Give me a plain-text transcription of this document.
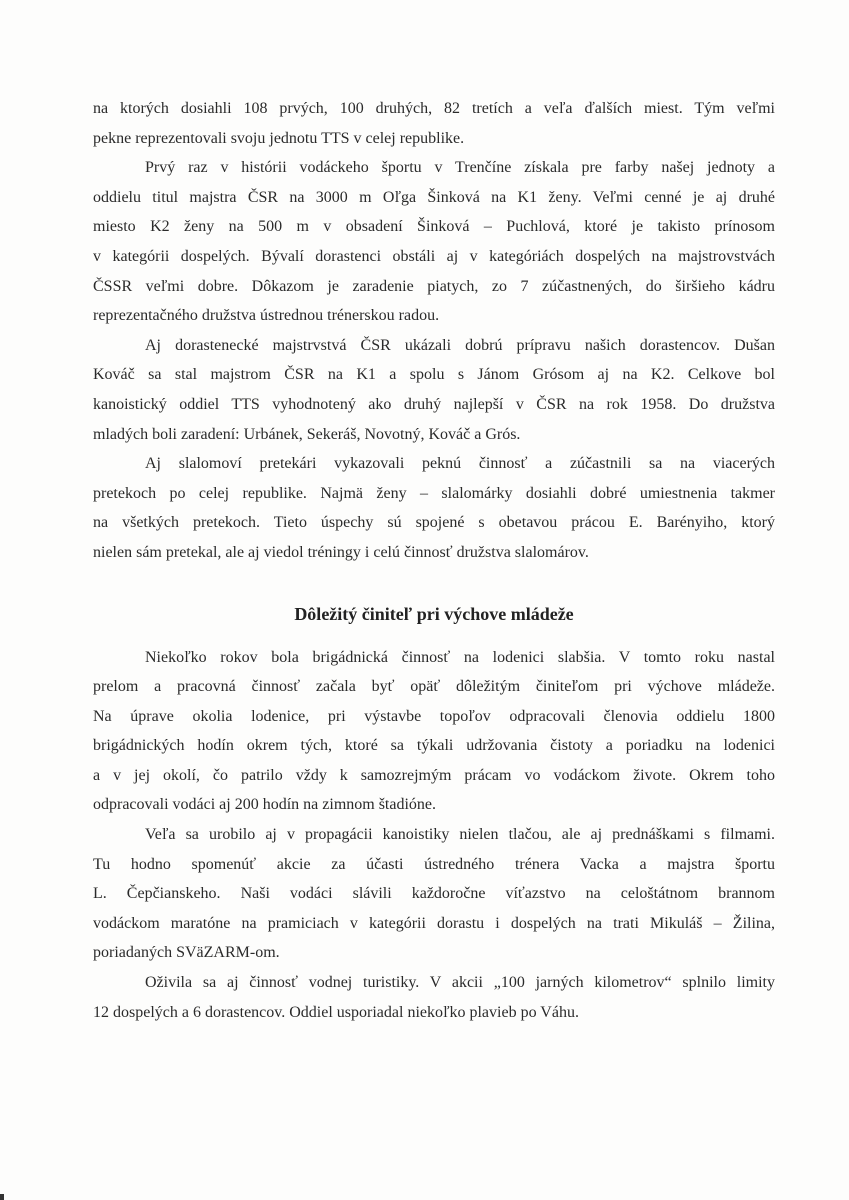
na ktorých dosiahli 108 prvých, 100 druhých, 82 tretích a veľa ďalších miest. Tým veľmi

pekne reprezentovali svoju jednotu TTS v celej republike.

Prvý raz v histórii vodáckeho športu v Trenčíne získala pre farby našej jednoty a

oddielu titul majstra ČSR na 3000 m Oľga Šinková na K1 ženy. Veľmi cenné je aj druhé

miesto K2 ženy na 500 m v obsadení Šinková – Puchlová, ktoré je takisto prínosom

v kategórii dospelých. Bývalí dorastenci obstáli aj v kategóriách dospelých na majstrovstvách

ČSSR veľmi dobre. Dôkazom je zaradenie piatych, zo 7 zúčastnených, do širšieho kádru

reprezentačného družstva ústrednou trénerskou radou.

Aj dorastenecké majstrvstvá ČSR ukázali dobrú prípravu našich dorastencov. Dušan

Kováč sa stal majstrom ČSR na K1 a spolu s Jánom Grósom aj na K2. Celkove bol

kanoistický oddiel TTS vyhodnotený ako druhý najlepší v ČSR na rok 1958. Do družstva

mladých boli zaradení: Urbánek, Sekeráš, Novotný, Kováč a Grós.

Aj slalomoví pretekári vykazovali peknú činnosť a zúčastnili sa na viacerých

pretekoch po celej republike. Najmä ženy – slalomárky dosiahli dobré umiestnenia takmer

na všetkých pretekoch. Tieto úspechy sú spojené s obetavou prácou E. Barényiho, ktorý

nielen sám pretekal, ale aj viedol tréningy i celú činnosť družstva slalomárov.

Dôležitý činiteľ pri výchove mládeže

Niekoľko rokov bola brigádnická činnosť na lodenici slabšia. V tomto roku nastal

prelom a pracovná činnosť začala byť opäť dôležitým činiteľom pri výchove mládeže.

Na úprave okolia lodenice, pri výstavbe topoľov odpracovali členovia oddielu 1800

brigádnických hodín okrem tých, ktoré sa týkali udržovania čistoty a poriadku na lodenici

a v jej okolí, čo patrilo vždy k samozrejmým prácam vo vodáckom živote. Okrem toho

odpracovali vodáci aj 200 hodín na zimnom štadióne.

Veľa sa urobilo aj v propagácii kanoistiky nielen tlačou, ale aj prednáškami s filmami.

Tu hodno spomenúť akcie za účasti ústredného trénera Vacka a majstra športu

L. Čepčianskeho. Naši vodáci slávili každoročne víťazstvo na celoštátnom brannom

vodáckom maratóne na pramiciach v kategórii dorastu i dospelých na trati Mikuláš – Žilina,

poriadaných SVäZARM-om.

Oživila sa aj činnosť vodnej turistiky. V akcii „100 jarných kilometrov“ splnilo limity

12 dospelých a 6 dorastencov. Oddiel usporiadal niekoľko plavieb po Váhu.
